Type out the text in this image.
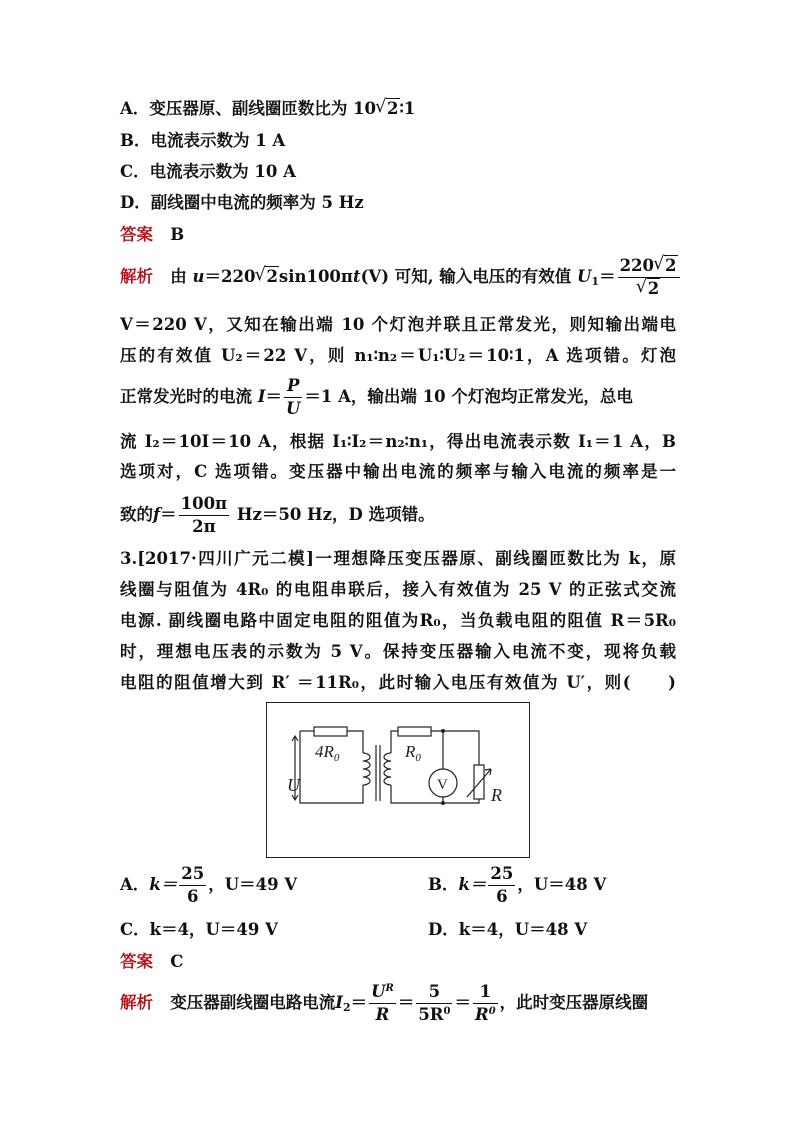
A．变压器原、副线圈匝数比为 10 √ 2∶1
B．电流表示数为 1 A
C．电流表示数为 10 A
D．副线圈中电流的频率为 5 Hz
答案 B
解析 由 u＝220 √ 2sin100πt(V) 可知, 输入电压的有效值 $U_1= 220$ √ 2
√ 2
V＝220 V，又知在输出端 10 个灯泡并联且正常发光，则知输出端电
压的有效值 U₂＝22 V，则 n₁∶n₂＝U₁∶U₂＝10∶1，A 选项错。灯泡
正常发光时的电流 $I= \frac{P}{U} =1$ A，输出端 10 个灯泡均正常发光，总电
流 I₂＝10I＝10 A，根据 I₁∶I₂＝n₂∶n₁，得出电流表示数 I₁＝1 A，B
选项对，C 选项错。变压器中输出电流的频率与输入电流的频率是一
致的$f= \frac{100\pi}{2\pi} Hz=50$ Hz，D 选项错。
3.[2017·四川广元二模]一理想降压变压器原、副线圈匝数比为 k，原
线圈与阻值为 4R₀ 的电阻串联后，接入有效值为 25 V 的正弦式交流
电源. 副线圈电路中固定电阻的阻值为R₀，当负载电阻的阻值 R＝5R₀
时，理想电压表的示数为 5 V。保持变压器输入电流不变，现将负载
电阻的阻值增大到 R′ ＝11R₀，此时输入电压有效值为 U′，则(　　)
$4R_0$	$R_0$
U	V R
A．$k= \frac{25}{6}$ ，U＝49 V	B．$k= \frac{25}{6}$ ，U＝48 V
C．k＝4，U＝49 V	D．k＝4，U＝48 V
答案 C
解析 变压器副线圈电路电流$I_2= \frac{U^R}{R} = \frac{5}{5R^0} = \frac{1}{R^0}$ ，此时变压器原线圈
